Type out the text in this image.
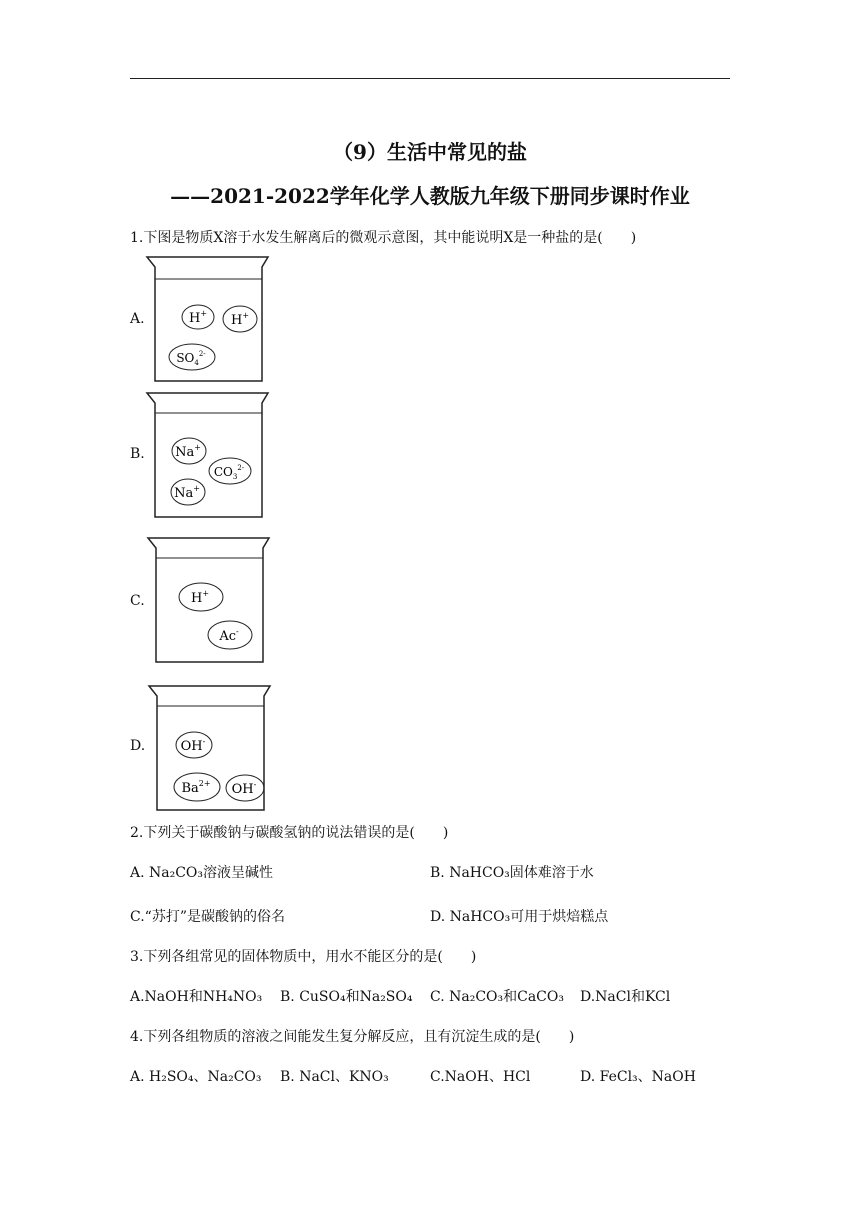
（9）生活中常见的盐
——2021-2022学年化学人教版九年级下册同步课时作业
1.下图是物质X溶于水发生解离后的微观示意图，其中能说明X是一种盐的是(　　)
A.	H+ H+
$SO_4^{2-}$
B. Na+
$CO_3^{2-}$
Na+
C.	H+
Ac-
D.	OH-
$Ba^{2+}$ OH-
2.下列关于碳酸钠与碳酸氢钠的说法错误的是(　　)
A. Na₂CO₃溶液呈碱性	B. NaHCO₃固体难溶于水
C.“苏打”是碳酸钠的俗名	D. NaHCO₃可用于烘焙糕点
3.下列各组常见的固体物质中，用水不能区分的是(　　)
A.NaOH和NH₄NO₃ B. CuSO₄和Na₂SO₄ C. Na₂CO₃和CaCO₃ D.NaCl和KCl
4.下列各组物质的溶液之间能发生复分解反应，且有沉淀生成的是(　　)
A. H₂SO₄、Na₂CO₃ B. NaCl、KNO₃	C.NaOH、HCl	D. FeCl₃、NaOH
